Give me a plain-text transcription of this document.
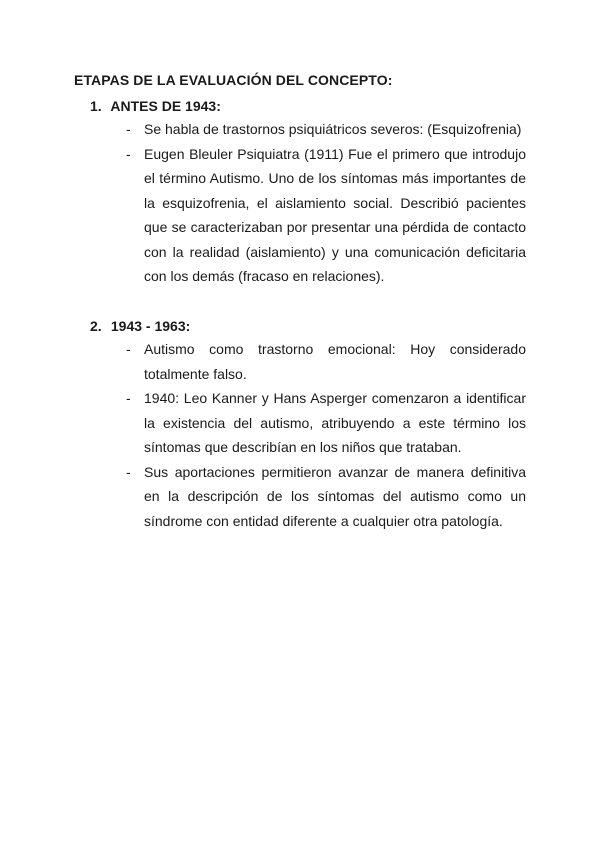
ETAPAS DE LA EVALUACIÓN DEL CONCEPTO:
1. ANTES DE 1943:
- Se habla de trastornos psiquiátricos severos: (Esquizofrenia)
- Eugen Bleuler Psiquiatra (1911) Fue el primero que introdujo el término Autismo. Uno de los síntomas más importantes de la esquizofrenia, el aislamiento social. Describió pacientes que se caracterizaban por presentar una pérdida de contacto con la realidad (aislamiento) y una comunicación deficitaria con los demás (fracaso en relaciones).
2. 1943 - 1963:
- Autismo como trastorno emocional: Hoy considerado totalmente falso.
- 1940: Leo Kanner y Hans Asperger comenzaron a identificar la existencia del autismo, atribuyendo a este término los síntomas que describían en los niños que trataban.
- Sus aportaciones permitieron avanzar de manera definitiva en la descripción de los síntomas del autismo como un síndrome con entidad diferente a cualquier otra patología.
